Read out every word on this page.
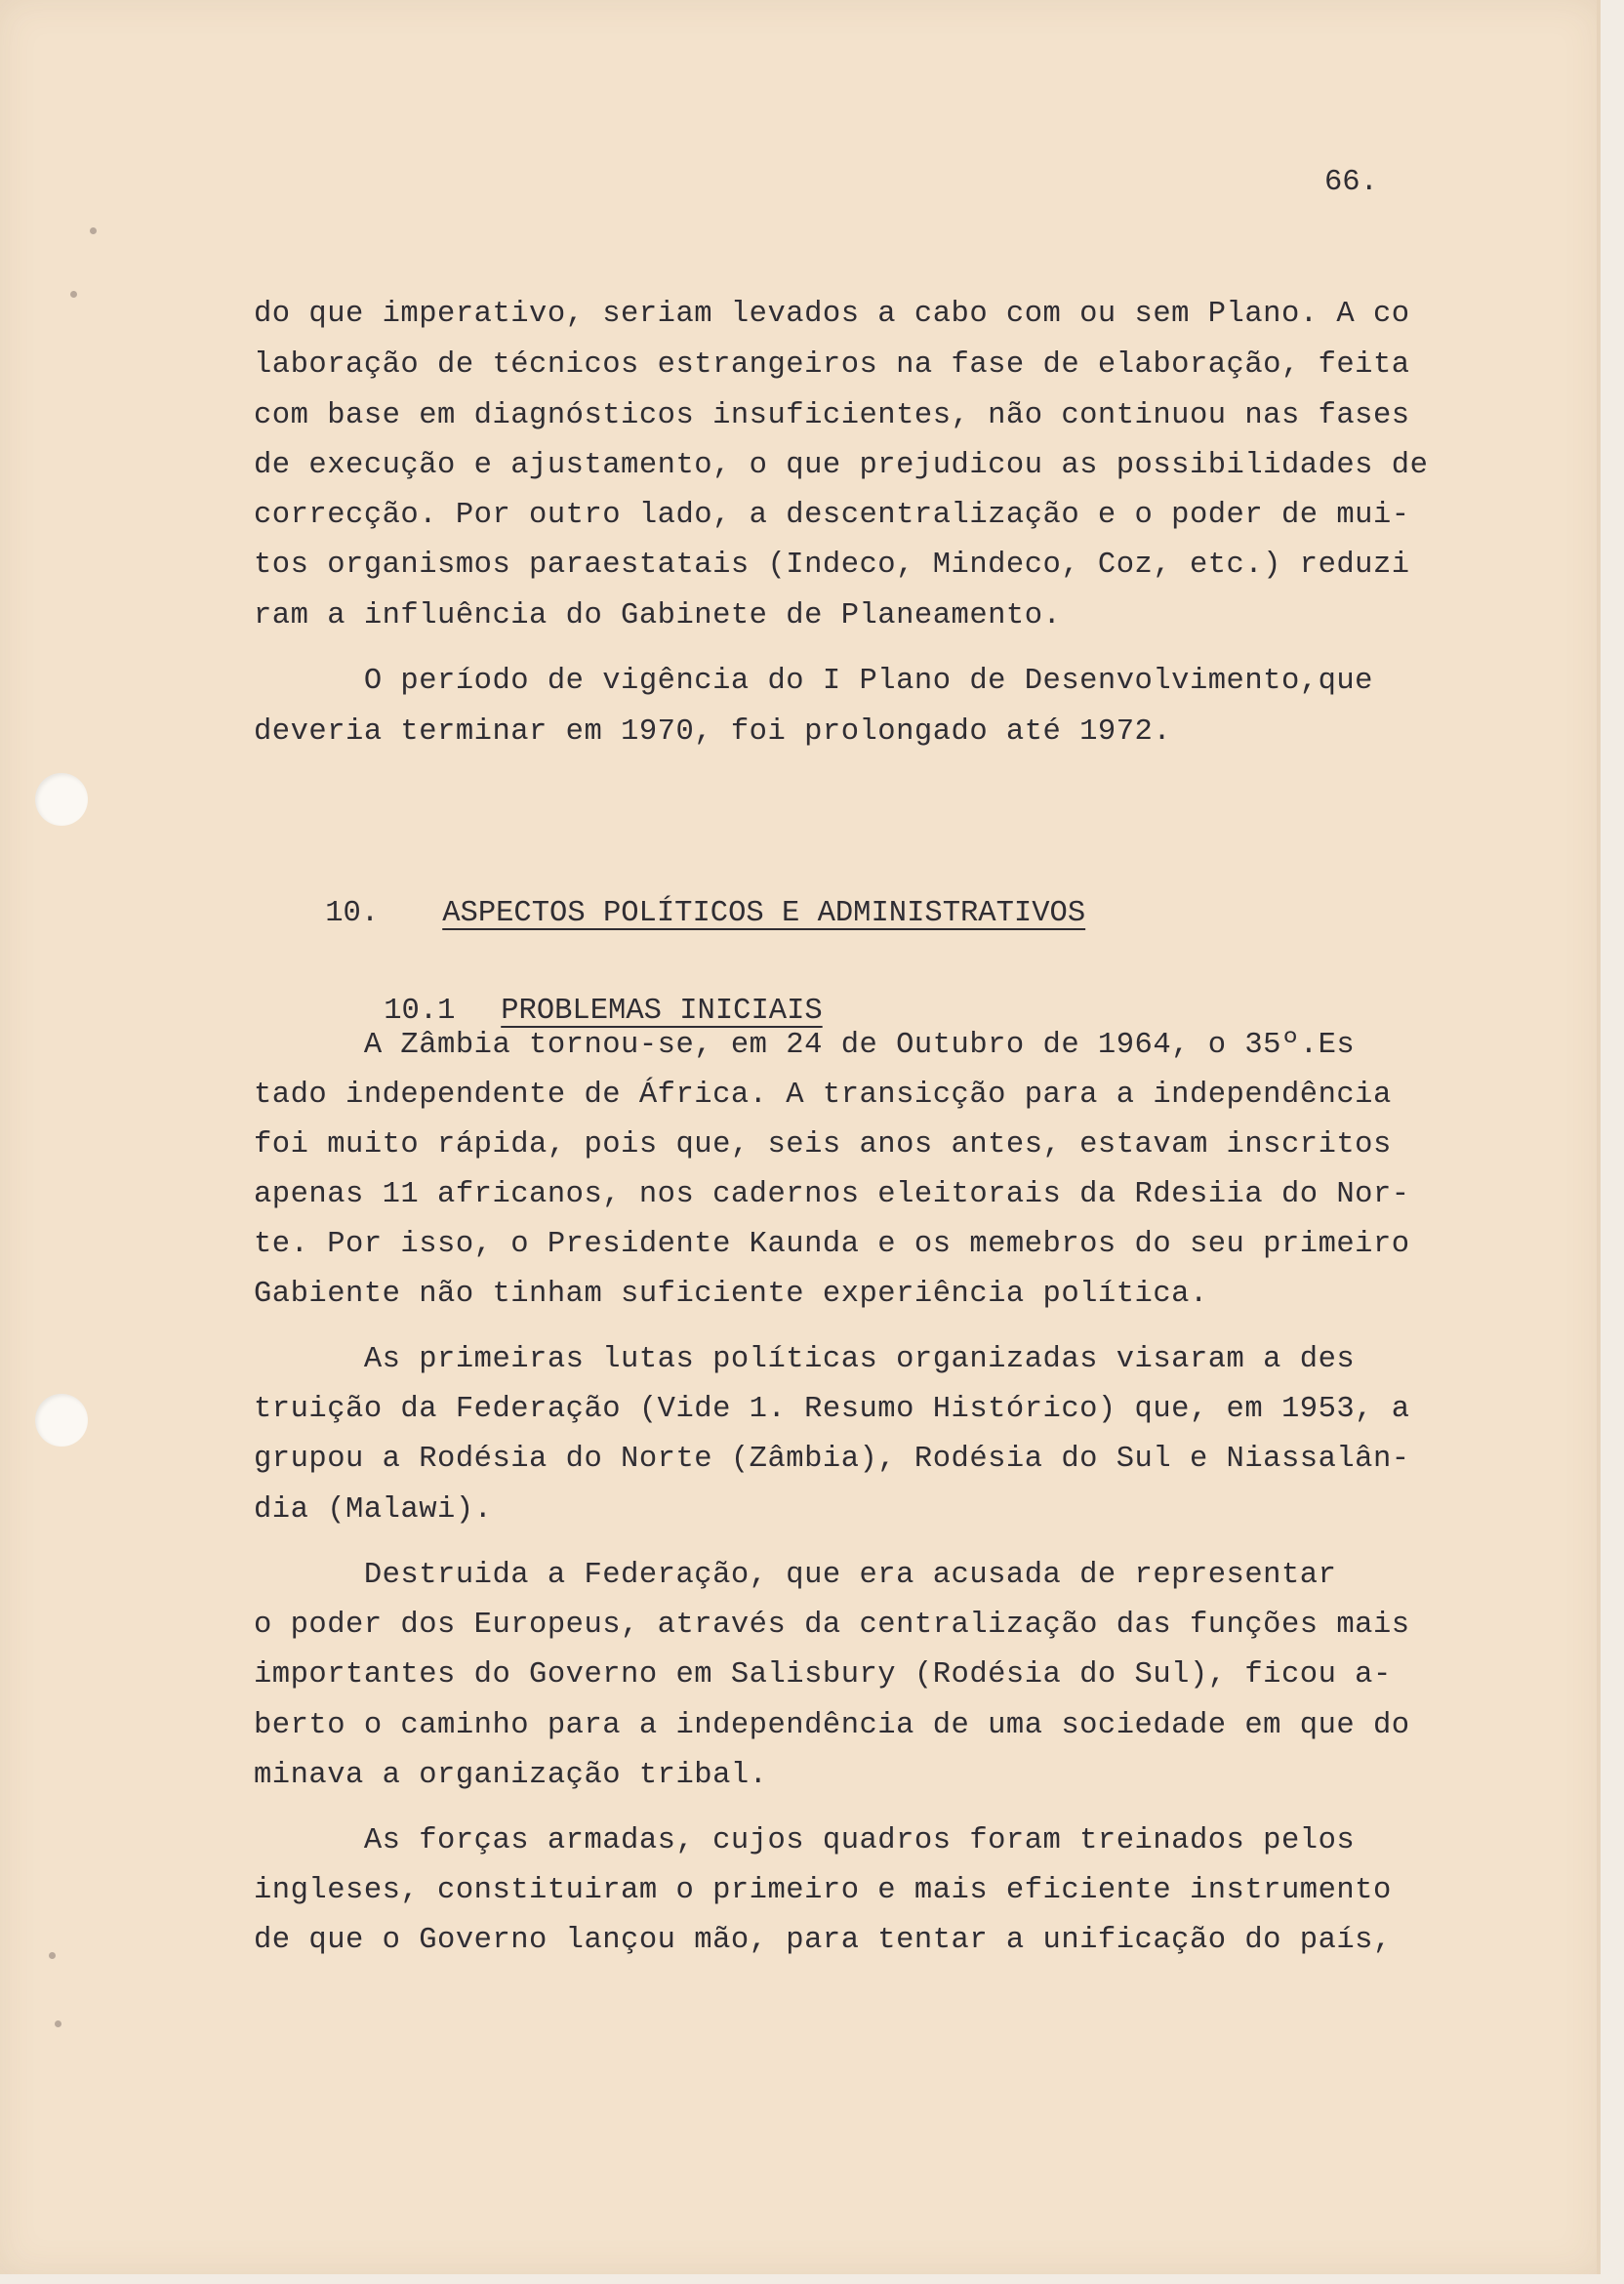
66.
do que imperativo, seriam levados a cabo com ou sem Plano. A co
laboração de técnicos estrangeiros na fase de elaboração, feita
com base em diagnósticos insuficientes, não continuou nas fases
de execução e ajustamento, o que prejudicou as possibilidades de
correcção. Por outro lado, a descentralização e o poder de mui-
tos organismos paraestatais (Indeco, Mindeco, Coz, etc.) reduzi
ram a influência do Gabinete de Planeamento.
O período de vigência do I Plano de Desenvolvimento,que
deveria terminar em 1970, foi prolongado até 1972.

10. ASPECTOS POLÍTICOS E ADMINISTRATIVOS

10.1 PROBLEMAS INICIAIS

A Zâmbia tornou-se, em 24 de Outubro de 1964, o 35º.Es
tado independente de África. A transicção para a independência
foi muito rápida, pois que, seis anos antes, estavam inscritos
apenas 11 africanos, nos cadernos eleitorais da Rdesiia do Nor-
te. Por isso, o Presidente Kaunda e os memebros do seu primeiro
Gabiente não tinham suficiente experiência política.
As primeiras lutas políticas organizadas visaram a des
truição da Federação (Vide 1. Resumo Histórico) que, em 1953, a
grupou a Rodésia do Norte (Zâmbia), Rodésia do Sul e Niassalân-
dia (Malawi).
Destruida a Federação, que era acusada de representar
o poder dos Europeus, através da centralização das funções mais
importantes do Governo em Salisbury (Rodésia do Sul), ficou a-
berto o caminho para a independência de uma sociedade em que do
minava a organização tribal.
As forças armadas, cujos quadros foram treinados pelos
ingleses, constituiram o primeiro e mais eficiente instrumento
de que o Governo lançou mão, para tentar a unificação do país,
